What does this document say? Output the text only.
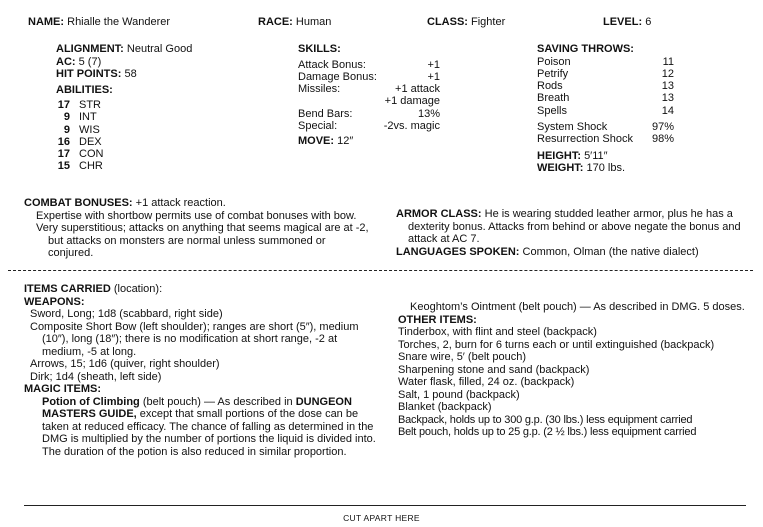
NAME: Rhialle the Wanderer	RACE: Human	CLASS: Fighter	LEVEL: 6
ALIGNMENT: Neutral Good
AC: 5 (7)
HIT POINTS: 58
ABILITIES:
17	STR
9	INT
9	WIS
16	DEX
17	CON
15	CHR
SKILLS:
Attack Bonus:	+1
Damage Bonus:	+1
Missiles:	+1 attack
	+1 damage
Bend Bars:	13%
Special:	-2vs. magic
MOVE: 12″
SAVING THROWS:
Poison	11
Petrify	12
Rods	13
Breath	13
Spells	14
System Shock	97%
Resurrection Shock	98%
HEIGHT: 5′11″
WEIGHT: 170 lbs.
COMBAT BONUSES: +1 attack reaction.
Expertise with shortbow permits use of combat bonuses with bow.
Very superstitious; attacks on anything that seems magical are at -2, but attacks on monsters are normal unless summoned or conjured.
ARMOR CLASS: He is wearing studded leather armor, plus he has a dexterity bonus. Attacks from behind or above negate the bonus and attack at AC 7.
LANGUAGES SPOKEN: Common, Olman (the native dialect)
ITEMS CARRIED (location):
WEAPONS:
Sword, Long; 1d8 (scabbard, right side)
Composite Short Bow (left shoulder); ranges are short (5″), medium (10″), long (18″); there is no modification at short range, -2 at medium, -5 at long.
Arrows, 15; 1d6 (quiver, right shoulder)
Dirk; 1d4 (sheath, left side)
MAGIC ITEMS:
Potion of Climbing (belt pouch) — As described in DUNGEON MASTERS GUIDE, except that small portions of the dose can be taken at reduced efficacy. The chance of falling as determined in the DMG is multiplied by the number of portions the liquid is divided into. The duration of the potion is also reduced in similar proportion.
Keoghtom’s Ointment (belt pouch) — As described in DMG. 5 doses.
OTHER ITEMS:
Tinderbox, with flint and steel (backpack)
Torches, 2, burn for 6 turns each or until extinguished (backpack)
Snare wire, 5′ (belt pouch)
Sharpening stone and sand (backpack)
Water flask, filled, 24 oz. (backpack)
Salt, 1 pound (backpack)
Blanket (backpack)
Backpack, holds up to 300 g.p. (30 lbs.) less equipment carried
Belt pouch, holds up to 25 g.p. (2 ½ lbs.) less equipment carried
CUT APART HERE
